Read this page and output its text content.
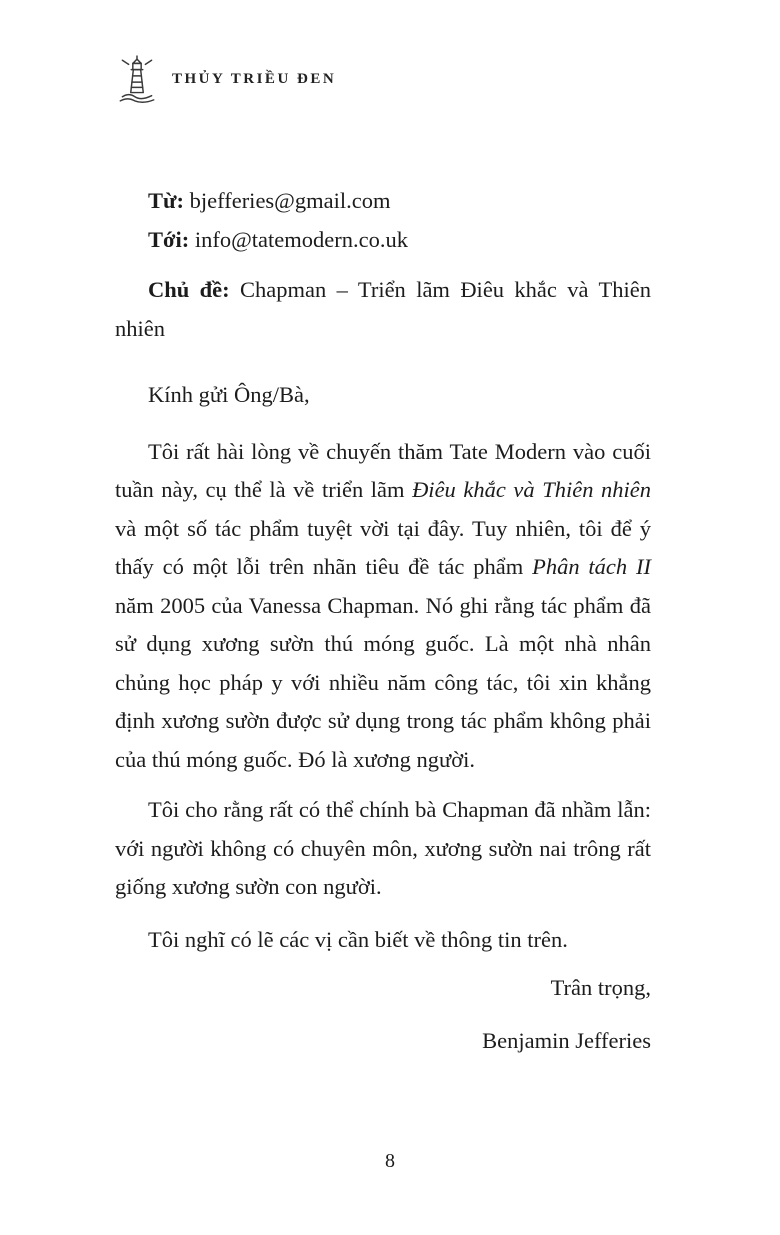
THỦY TRIỀU ĐEN

Từ: bjefferies@gmail.com

Tới: info@tatemodern.co.uk

Chủ đề: Chapman – Triển lãm Điêu khắc và Thiên nhiên

Kính gửi Ông/Bà,

Tôi rất hài lòng về chuyến thăm Tate Modern vào cuối tuần này, cụ thể là về triển lãm Điêu khắc và Thiên nhiên và một số tác phẩm tuyệt vời tại đây. Tuy nhiên, tôi để ý thấy có một lỗi trên nhãn tiêu đề tác phẩm Phân tách II năm 2005 của Vanessa Chapman. Nó ghi rằng tác phẩm đã sử dụng xương sườn thú móng guốc. Là một nhà nhân chủng học pháp y với nhiều năm công tác, tôi xin khẳng định xương sườn được sử dụng trong tác phẩm không phải của thú móng guốc. Đó là xương người.

Tôi cho rằng rất có thể chính bà Chapman đã nhầm lẫn: với người không có chuyên môn, xương sườn nai trông rất giống xương sườn con người.

Tôi nghĩ có lẽ các vị cần biết về thông tin trên.

Trân trọng,

Benjamin Jefferies

8
